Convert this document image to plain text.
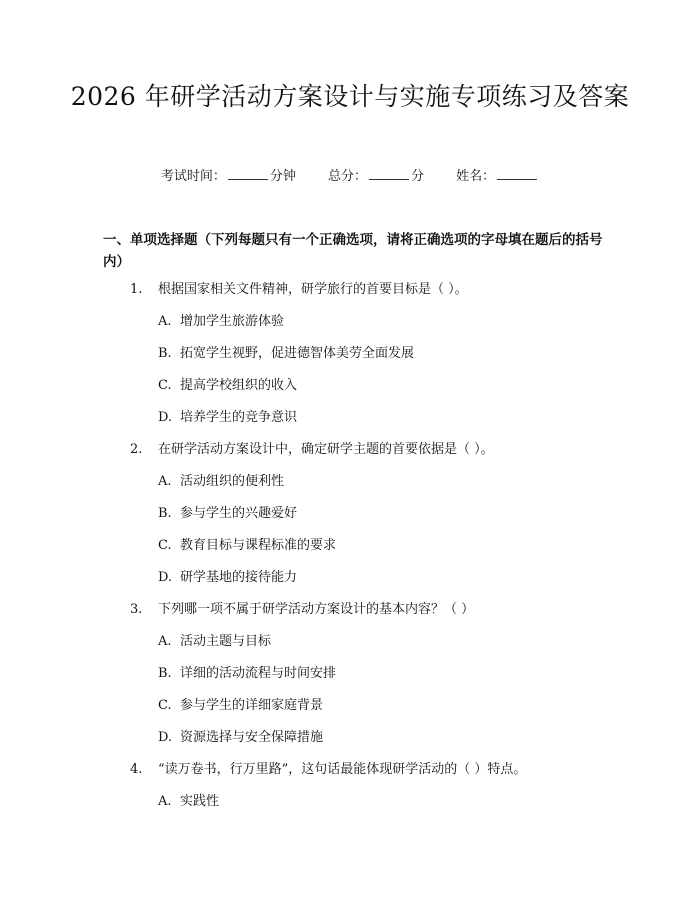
2026 年研学活动方案设计与实施专项练习及答案
考试时间：	分钟 总分：	分 姓名：
一、单项选择题（下列每题只有一个正确选项，请将正确选项的字母填在题后的括号内）
1. 根据国家相关文件精神，研学旅行的首要目标是（ ）。
A. 增加学生旅游体验
B. 拓宽学生视野，促进德智体美劳全面发展
C. 提高学校组织的收入
D. 培养学生的竞争意识
2. 在研学活动方案设计中，确定研学主题的首要依据是（ ）。
A. 活动组织的便利性
B. 参与学生的兴趣爱好
C. 教育目标与课程标准的要求
D. 研学基地的接待能力
3. 下列哪一项不属于研学活动方案设计的基本内容？（ ）
A. 活动主题与目标
B. 详细的活动流程与时间安排
C. 参与学生的详细家庭背景
D. 资源选择与安全保障措施
4. “读万卷书，行万里路”，这句话最能体现研学活动的（ ）特点。
A. 实践性
